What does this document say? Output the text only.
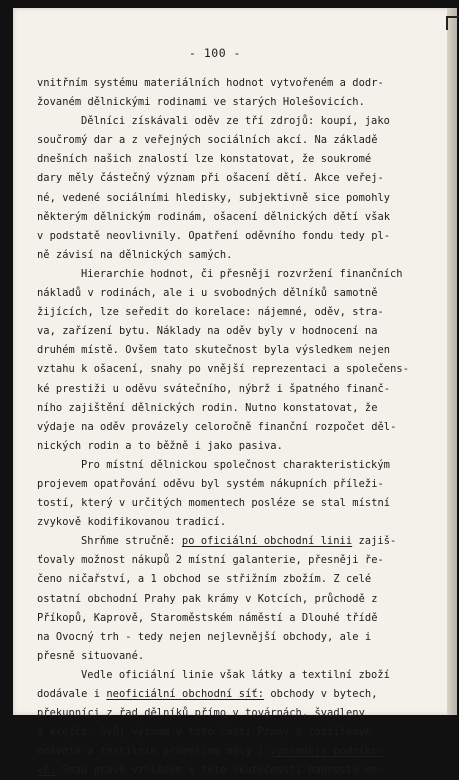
- 100 -
vnitřním systému materiálních hodnot vytvořeném a dodr-
žovaném dělnickými rodinami ve starých Holešovicích.
Dělníci získávali oděv ze tří zdrojů: koupí, jako
součromý dar a z veřejných sociálních akcí. Na základě
dnešních našich znalostí lze konstatovat, že soukromé
dary měly částečný význam při ošacení dětí. Akce veřej-
né, vedené sociálními hledisky, subjektivně sice pomohly
některým dělnickým rodinám, ošacení dělnických dětí však
v podstatě neovlivnily. Opatření oděvního fondu tedy pl-
ně závisí na dělnických samých.
Hierarchie hodnot, či přesněji rozvržení finančních
nákladů v rodinách, ale i u svobodných dělníků samotně
žijících, lze seředit do korelace: nájemné, oděv, stra-
va, zařízení bytu. Náklady na oděv byly v hodnocení na
druhém místě. Ovšem tato skutečnost byla výsledkem nejen
vztahu k ošacení, snahy po vnější reprezentaci a společens-
ké prestiži u oděvu svátečního, nýbrž i špatného finanč-
ního zajištění dělnických rodin. Nutno konstatovat, že
výdaje na oděv provázely celoročně finanční rozpočet děl-
nických rodin a to běžně i jako pasiva.
Pro místní dělnickou společnost charakteristickým
projevem opatřování oděvu byl systém nákupních příleži-
tostí, který v určitých momentech posléze se stal místní
zvykově kodifikovanou tradicí.
Shrňme stručně: po oficiální obchodní linii zajiš-
ťovaly možnost nákupů 2 místní galanterie, přesněji ře-
čeno ničařství, a 1 obchod se střižním zbožím. Z celé
ostatní obchodní Prahy pak krámy v Kotcích, průchodě z
Příkopů, Kaprově, Staroměstském náměstí a Dlouhé třídě
na Ovocný trh - tedy nejen nejlevnější obchody, ale i
přesně situované.
Vedle oficiální linie však látky a textilní zboží
dodávale i neoficiální obchodní síť: obchody v bytech,
překupníci z řad dělníků přímo v továrnách, švadleny
a krejčí. Svůj význam v této části Prahy s rozšířeným
oděvním a textilním průmyslem měly i výprodeje podniko-
vé. Snad právě vzhledem k této skutečnosti naprosto ne-
